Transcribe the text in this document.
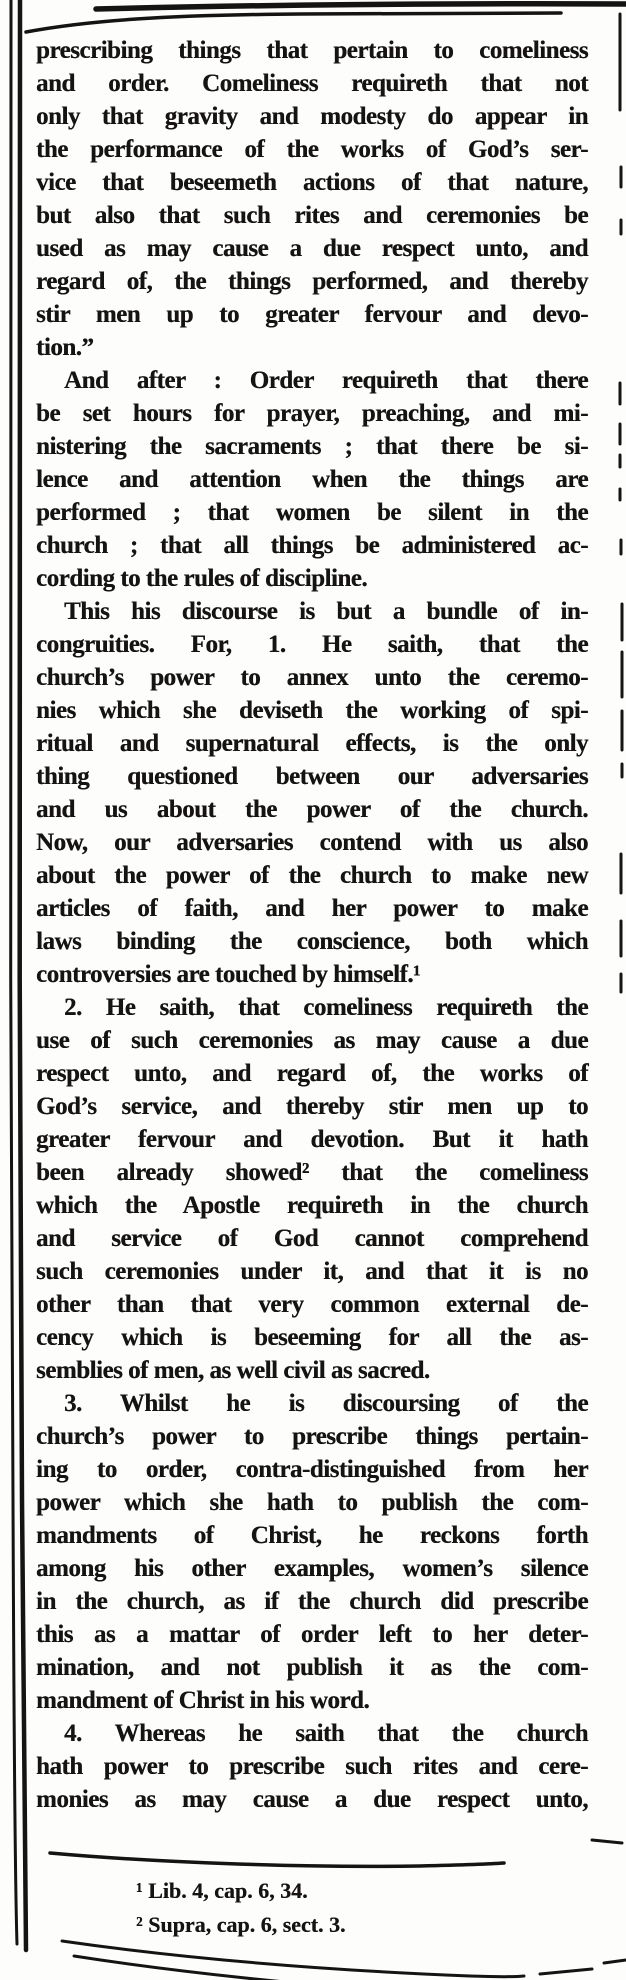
prescribing things that pertain to comeliness
and order. Comeliness requireth that not
only that gravity and modesty do appear in
the performance of the works of God’s ser-
vice that beseemeth actions of that nature,
but also that such rites and ceremonies be
used as may cause a due respect unto, and
regard of, the things performed, and thereby
stir men up to greater fervour and devo-
tion.”
And after : Order requireth that there
be set hours for prayer, preaching, and mi-
nistering the sacraments ; that there be si-
lence and attention when the things are
performed ; that women be silent in the
church ; that all things be administered ac-
cording to the rules of discipline.
This his discourse is but a bundle of in-
congruities. For, 1. He saith, that the
church’s power to annex unto the ceremo-
nies which she deviseth the working of spi-
ritual and supernatural effects, is the only
thing questioned between our adversaries
and us about the power of the church.
Now, our adversaries contend with us also
about the power of the church to make new
articles of faith, and her power to make
laws binding the conscience, both which
controversies are touched by himself.¹
2. He saith, that comeliness requireth the
use of such ceremonies as may cause a due
respect unto, and regard of, the works of
God’s service, and thereby stir men up to
greater fervour and devotion. But it hath
been already showed² that the comeliness
which the Apostle requireth in the church
and service of God cannot comprehend
such ceremonies under it, and that it is no
other than that very common external de-
cency which is beseeming for all the as-
semblies of men, as well civil as sacred.
3. Whilst he is discoursing of the
church’s power to prescribe things pertain-
ing to order, contra-distinguished from her
power which she hath to publish the com-
mandments of Christ, he reckons forth
among his other examples, women’s silence
in the church, as if the church did prescribe
this as a mattar of order left to her deter-
mination, and not publish it as the com-
mandment of Christ in his word.
4. Whereas he saith that the church
hath power to prescribe such rites and cere-
monies as may cause a due respect unto,
¹ Lib. 4, cap. 6, 34.
² Supra, cap. 6, sect. 3.
